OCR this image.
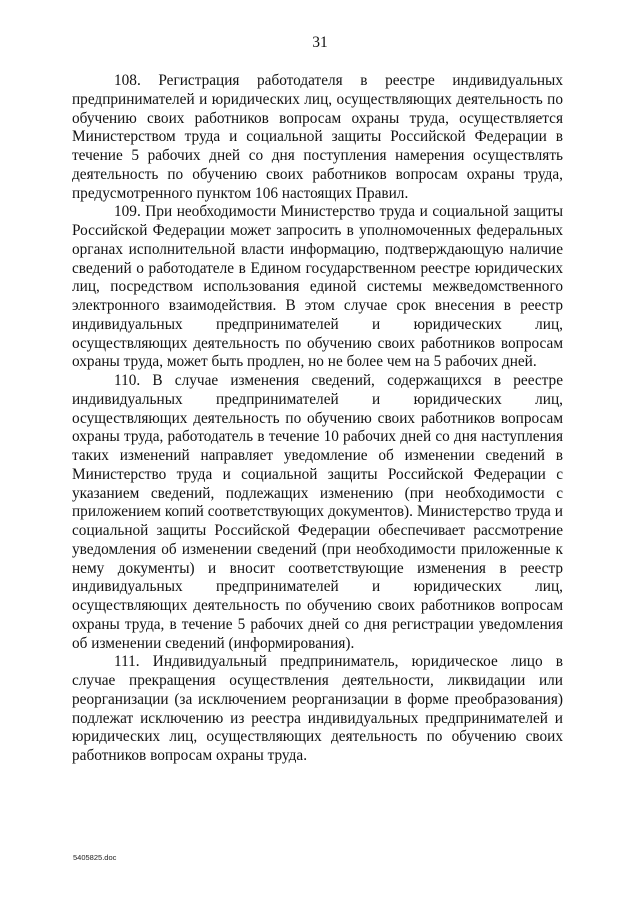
31

108. Регистрация работодателя в реестре индивидуальных предпринимателей и юридических лиц, осуществляющих деятельность по обучению своих работников вопросам охраны труда, осуществляется Министерством труда и социальной защиты Российской Федерации в течение 5 рабочих дней со дня поступления намерения осуществлять деятельность по обучению своих работников вопросам охраны труда, предусмотренного пунктом 106 настоящих Правил.

109. При необходимости Министерство труда и социальной защиты Российской Федерации может запросить в уполномоченных федеральных органах исполнительной власти информацию, подтверждающую наличие сведений о работодателе в Едином государственном реестре юридических лиц, посредством использования единой системы межведомственного электронного взаимодействия. В этом случае срок внесения в реестр индивидуальных предпринимателей и юридических лиц, осуществляющих деятельность по обучению своих работников вопросам охраны труда, может быть продлен, но не более чем на 5 рабочих дней.

110. В случае изменения сведений, содержащихся в реестре индивидуальных предпринимателей и юридических лиц, осуществляющих деятельность по обучению своих работников вопросам охраны труда, работодатель в течение 10 рабочих дней со дня наступления таких изменений направляет уведомление об изменении сведений в Министерство труда и социальной защиты Российской Федерации с указанием сведений, подлежащих изменению (при необходимости с приложением копий соответствующих документов). Министерство труда и социальной защиты Российской Федерации обеспечивает рассмотрение уведомления об изменении сведений (при необходимости приложенные к нему документы) и вносит соответствующие изменения в реестр индивидуальных предпринимателей и юридических лиц, осуществляющих деятельность по обучению своих работников вопросам охраны труда, в течение 5 рабочих дней со дня регистрации уведомления об изменении сведений (информирования).

111. Индивидуальный предприниматель, юридическое лицо в случае прекращения осуществления деятельности, ликвидации или реорганизации (за исключением реорганизации в форме преобразования) подлежат исключению из реестра индивидуальных предпринимателей и юридических лиц, осуществляющих деятельность по обучению своих работников вопросам охраны труда.

5405825.doc
